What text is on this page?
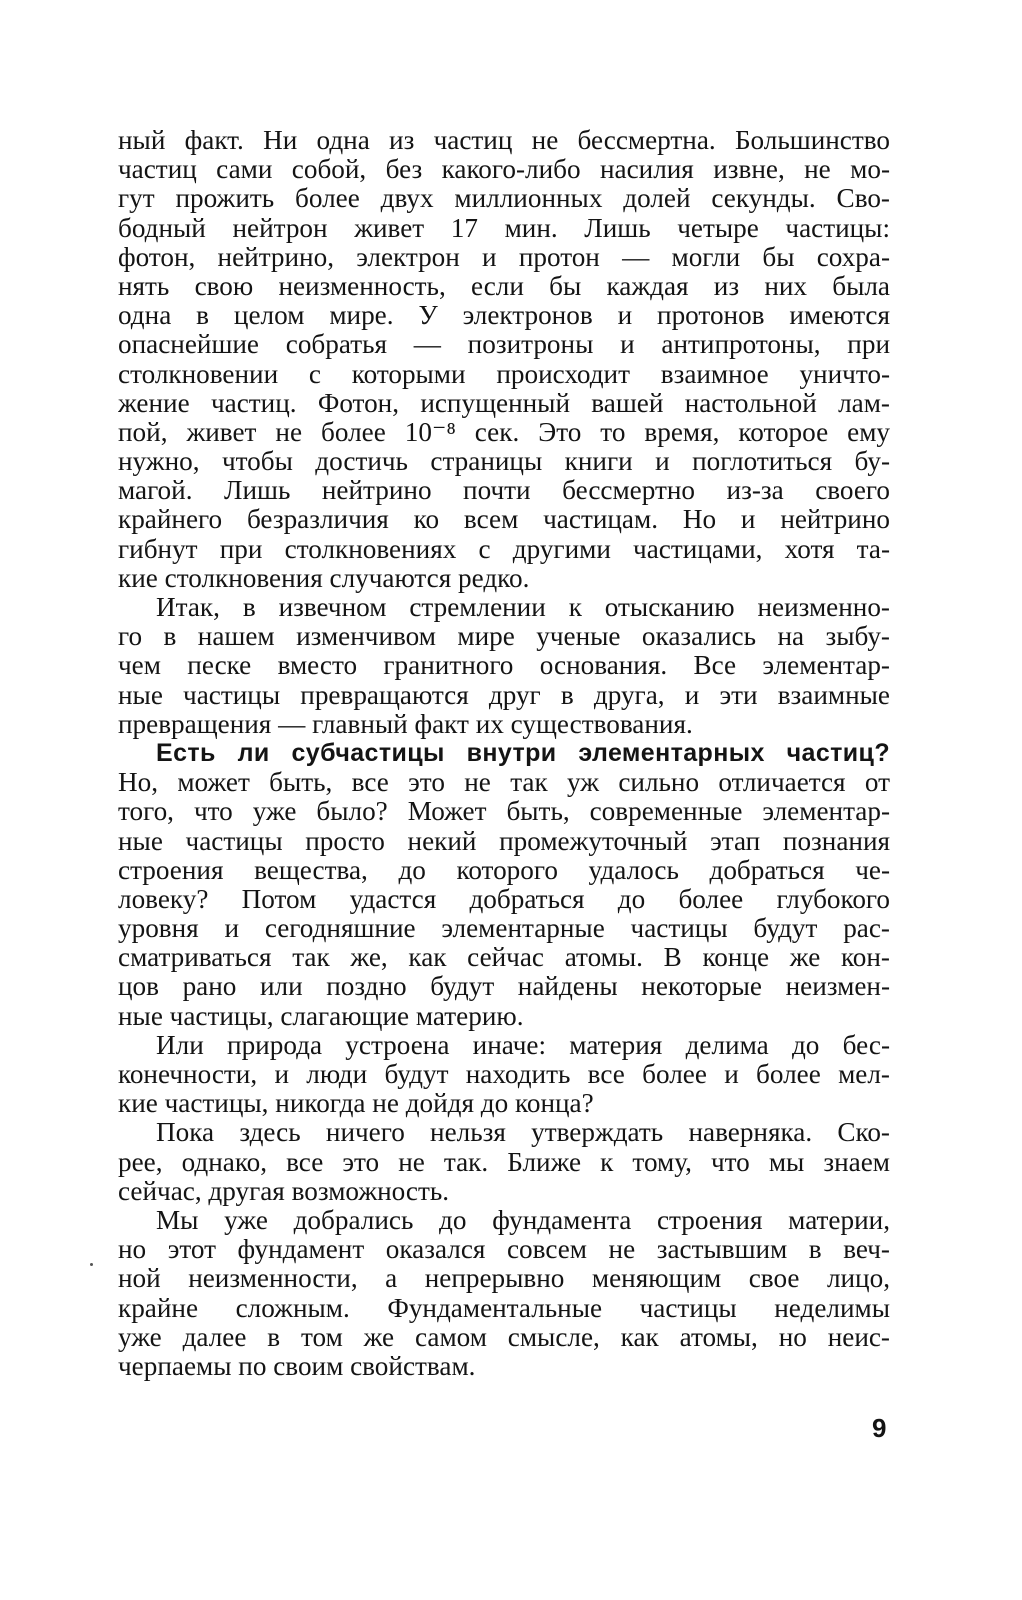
ный факт. Ни одна из частиц не бессмертна. Большинство
частиц сами собой, без какого-либо насилия извне, не мо-
гут прожить более двух миллионных долей секунды. Сво-
бодный нейтрон живет 17 мин. Лишь четыре частицы:
фотон, нейтрино, электрон и протон — могли бы сохра-
нять свою неизменность, если бы каждая из них была
одна в целом мире. У электронов и протонов имеются
опаснейшие собратья — позитроны и антипротоны, при
столкновении с которыми происходит взаимное уничто-
жение частиц. Фотон, испущенный вашей настольной лам-
пой, живет не более 10⁻⁸ сек. Это то время, которое ему
нужно, чтобы достичь страницы книги и поглотиться бу-
магой. Лишь нейтрино почти бессмертно из-за своего
крайнего безразличия ко всем частицам. Но и нейтрино
гибнут при столкновениях с другими частицами, хотя та-
кие столкновения случаются редко.
Итак, в извечном стремлении к отысканию неизменно-
го в нашем изменчивом мире ученые оказались на зыбу-
чем песке вместо гранитного основания. Все элементар-
ные частицы превращаются друг в друга, и эти взаимные
превращения — главный факт их существования.
Есть ли субчастицы внутри элементарных частиц?
Но, может быть, все это не так уж сильно отличается от
того, что уже было? Может быть, современные элементар-
ные частицы просто некий промежуточный этап познания
строения вещества, до которого удалось добраться че-
ловеку? Потом удастся добраться до более глубокого
уровня и сегодняшние элементарные частицы будут рас-
сматриваться так же, как сейчас атомы. В конце же кон-
цов рано или поздно будут найдены некоторые неизмен-
ные частицы, слагающие материю.
Или природа устроена иначе: материя делима до бес-
конечности, и люди будут находить все более и более мел-
кие частицы, никогда не дойдя до конца?
Пока здесь ничего нельзя утверждать наверняка. Ско-
рее, однако, все это не так. Ближе к тому, что мы знаем
сейчас, другая возможность.
Мы уже добрались до фундамента строения материи,
но этот фундамент оказался совсем не застывшим в веч-
ной неизменности, а непрерывно меняющим свое лицо,
крайне сложным. Фундаментальные частицы неделимы
уже далее в том же самом смысле, как атомы, но неис-
черпаемы по своим свойствам.
9
